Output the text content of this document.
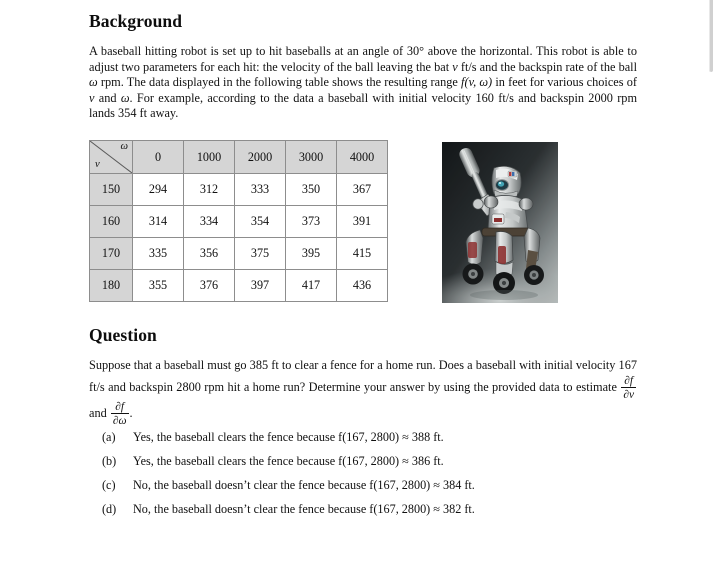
Background

A baseball hitting robot is set up to hit baseballs at an angle of 30° above the horizontal. This robot is able to adjust two parameters for each hit: the velocity of the ball leaving the bat v ft/s and the backspin rate of the ball ω rpm. The data displayed in the following table shows the resulting range f(v, ω) in feet for various choices of v and ω. For example, according to the data a baseball with initial velocity 160 ft/s and backspin 2000 rpm lands 354 ft away.

ω
v	0	1000	2000	3000	4000
150	294	312	333	350	367
160	314	334	354	373	391
170	335	356	375	395	415
180	355	376	397	417	436
Question

Suppose that a baseball must go 385 ft to clear a fence for a home run. Does a baseball with initial velocity 167 ft/s and backspin 2800 rpm hit a home run? Determine your answer by using the provided data to estimate $\frac{\partial f}{\partial v}$
and $\frac{\partial f}{\partial\omega}$ .

(a)	Yes, the baseball clears the fence because f(167, 2800) ≈ 388 ft.
(b)	Yes, the baseball clears the fence because f(167, 2800) ≈ 386 ft.
(c)	No, the baseball doesn’t clear the fence because f(167, 2800) ≈ 384 ft.
(d)	No, the baseball doesn’t clear the fence because f(167, 2800) ≈ 382 ft.
